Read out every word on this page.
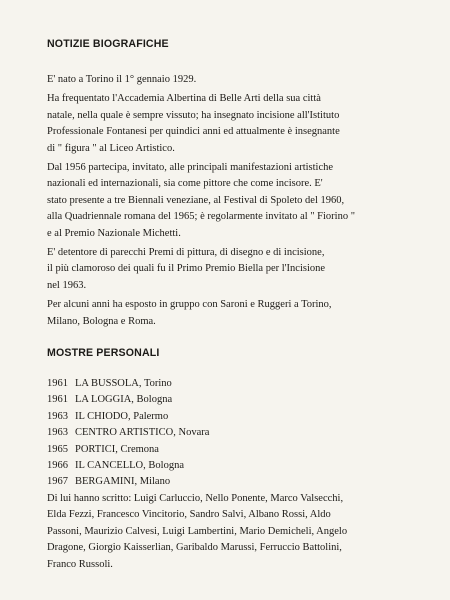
NOTIZIE BIOGRAFICHE

E' nato a Torino il 1° gennaio 1929.

Ha frequentato l'Accademia Albertina di Belle Arti della sua città
natale, nella quale è sempre vissuto; ha insegnato incisione all'Istituto
Professionale Fontanesi per quindici anni ed attualmente è insegnante
di " figura " al Liceo Artistico.

Dal 1956 partecipa, invitato, alle principali manifestazioni artistiche
nazionali ed internazionali, sia come pittore che come incisore. E'
stato presente a tre Biennali veneziane, al Festival di Spoleto del 1960,
alla Quadriennale romana del 1965; è regolarmente invitato al " Fiorino "
e al Premio Nazionale Michetti.

E' detentore di parecchi Premi di pittura, di disegno e di incisione,
il più clamoroso dei quali fu il Primo Premio Biella per l'Incisione
nel 1963.

Per alcuni anni ha esposto in gruppo con Saroni e Ruggeri a Torino,
Milano, Bologna e Roma.

MOSTRE PERSONALI
1961 LA BUSSOLA, Torino
1961 LA LOGGIA, Bologna
1963 IL CHIODO, Palermo
1963 CENTRO ARTISTICO, Novara
1965 PORTICI, Cremona
1966 IL CANCELLO, Bologna
1967 BERGAMINI, Milano

Di lui hanno scritto: Luigi Carluccio, Nello Ponente, Marco Valsecchi,
Elda Fezzi, Francesco Vincitorio, Sandro Salvi, Albano Rossi, Aldo
Passoni, Maurizio Calvesi, Luigi Lambertini, Mario Demicheli, Angelo
Dragone, Giorgio Kaisserlian, Garibaldo Marussi, Ferruccio Battolini,
Franco Russoli.
